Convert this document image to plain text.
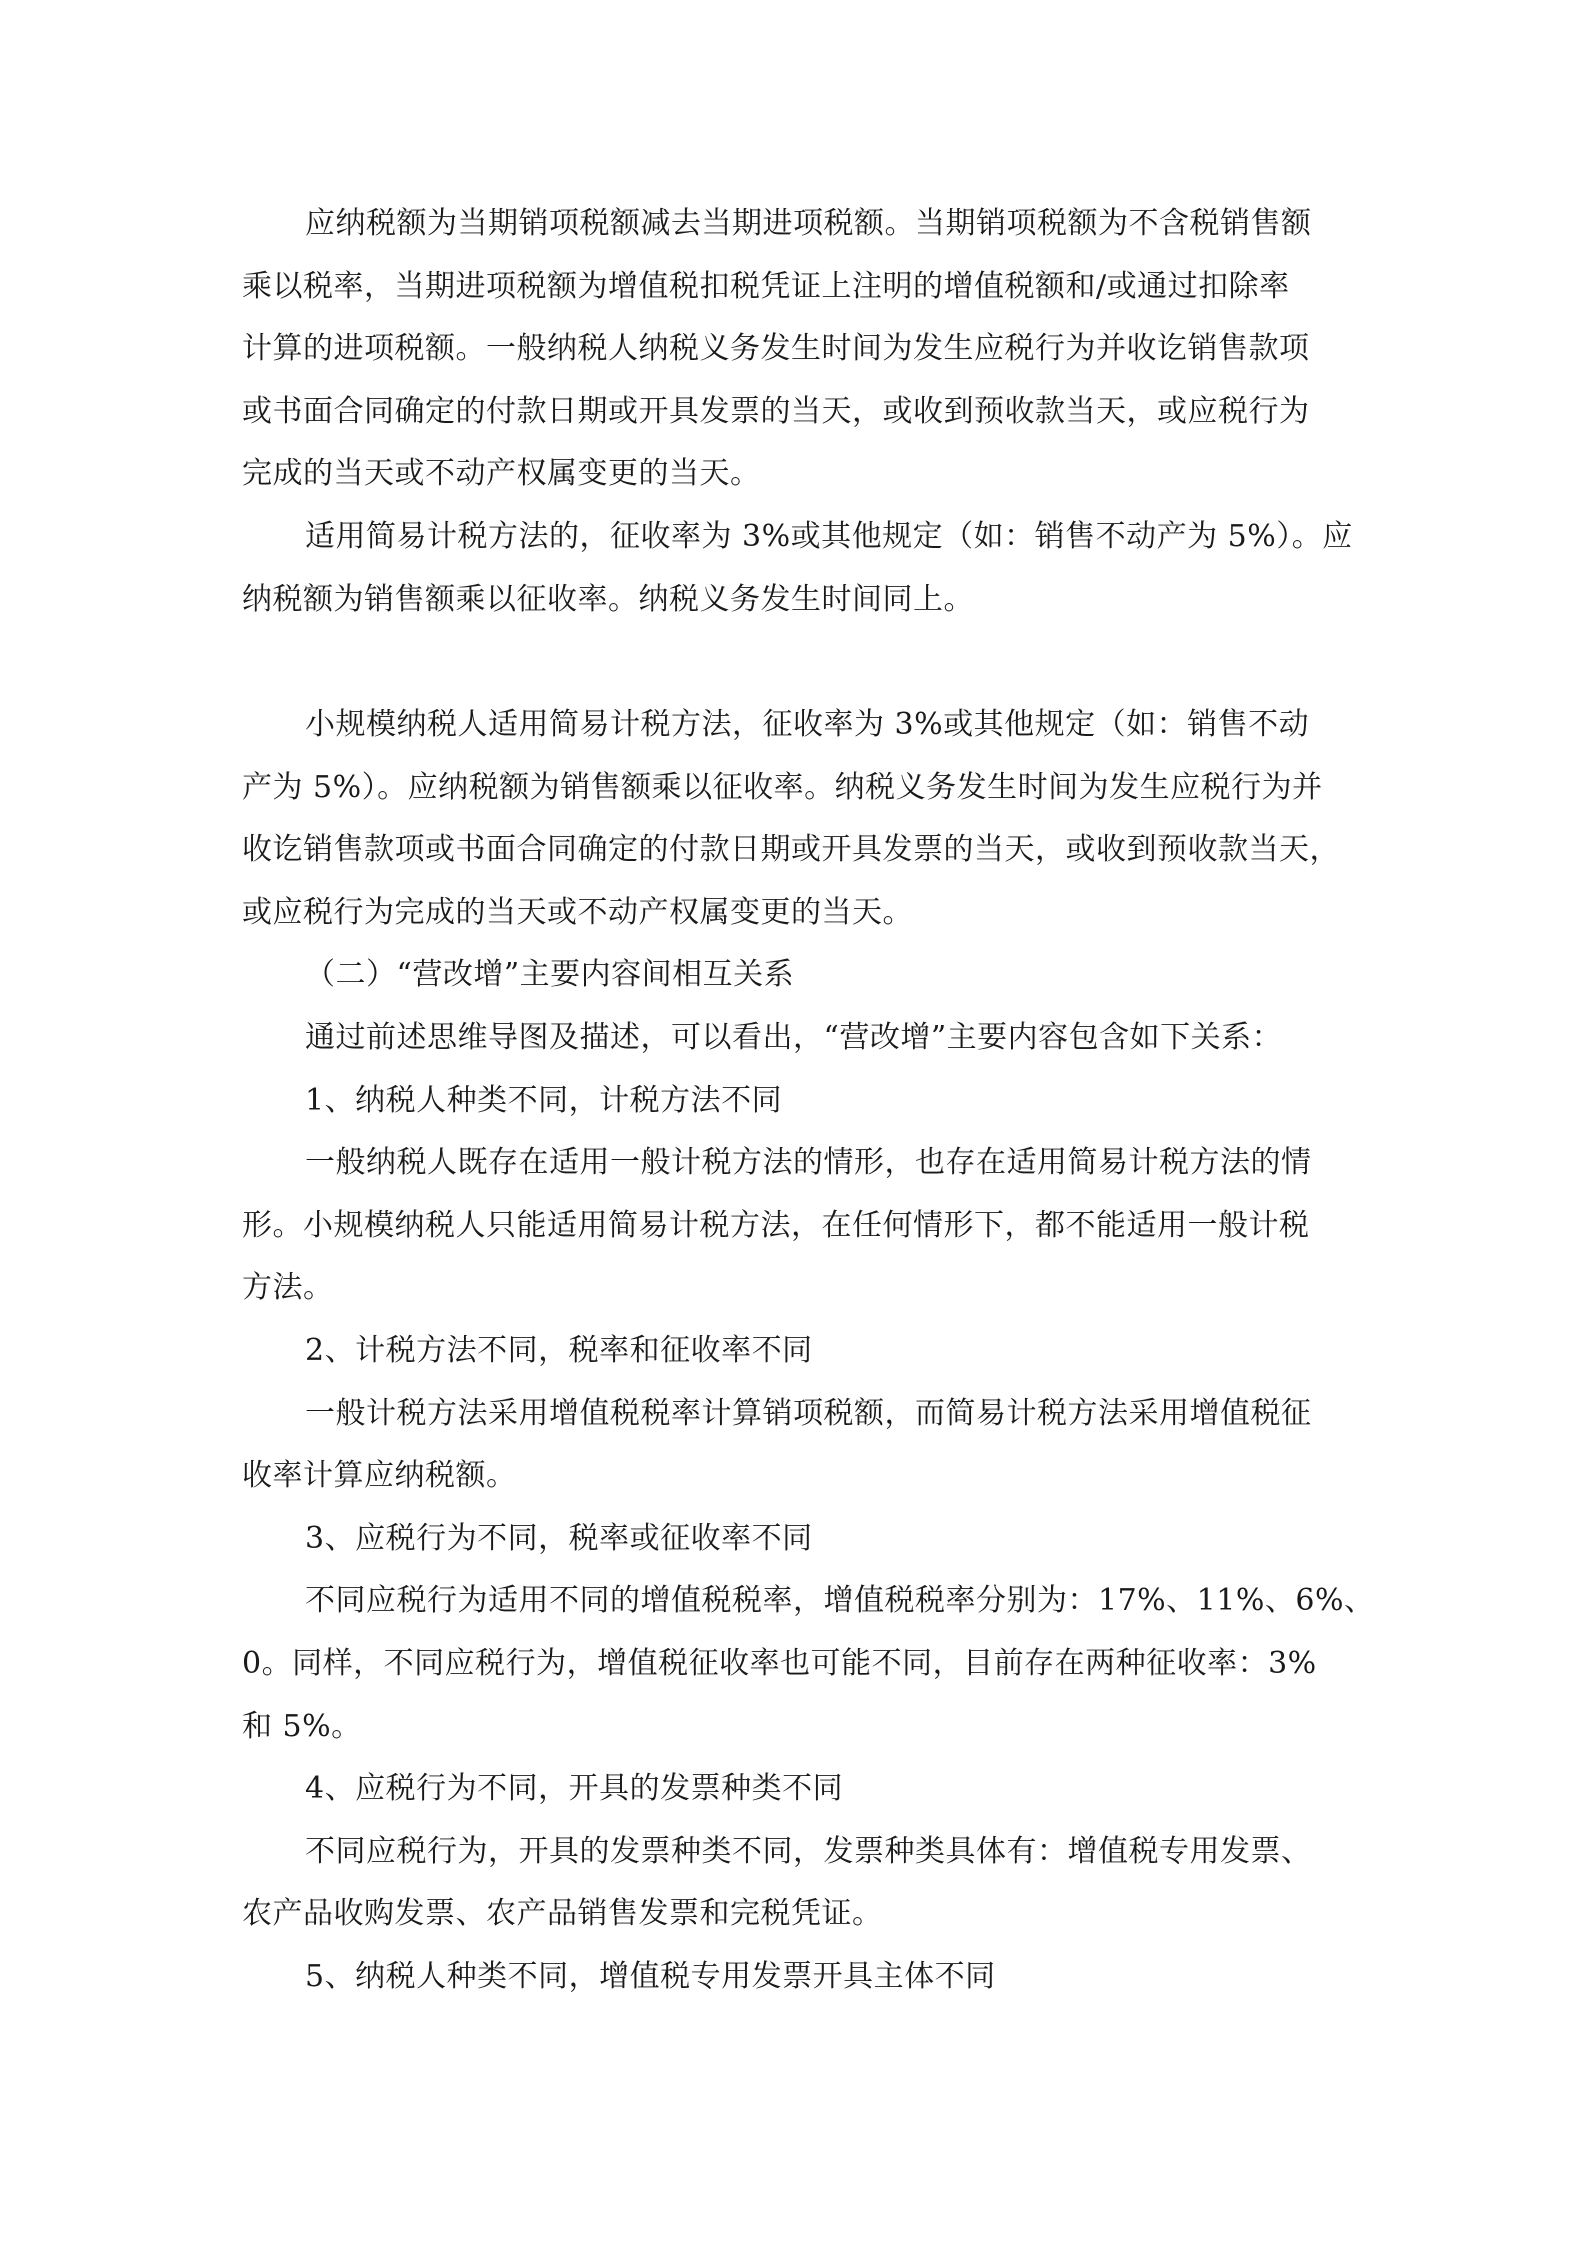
应纳税额为当期销项税额减去当期进项税额。当期销项税额为不含税销售额
乘以税率，当期进项税额为增值税扣税凭证上注明的增值税额和/或通过扣除率
计算的进项税额。一般纳税人纳税义务发生时间为发生应税行为并收讫销售款项
或书面合同确定的付款日期或开具发票的当天，或收到预收款当天，或应税行为
完成的当天或不动产权属变更的当天。
适用简易计税方法的，征收率为 3%或其他规定（如：销售不动产为 5%）。应
纳税额为销售额乘以征收率。纳税义务发生时间同上。
小规模纳税人适用简易计税方法，征收率为 3%或其他规定（如：销售不动
产为 5%）。应纳税额为销售额乘以征收率。纳税义务发生时间为发生应税行为并
收讫销售款项或书面合同确定的付款日期或开具发票的当天，或收到预收款当天，
或应税行为完成的当天或不动产权属变更的当天。
（二）“营改增”主要内容间相互关系
通过前述思维导图及描述，可以看出，“营改增”主要内容包含如下关系：
1、纳税人种类不同，计税方法不同
一般纳税人既存在适用一般计税方法的情形，也存在适用简易计税方法的情
形。小规模纳税人只能适用简易计税方法，在任何情形下，都不能适用一般计税
方法。
2、计税方法不同，税率和征收率不同
一般计税方法采用增值税税率计算销项税额，而简易计税方法采用增值税征
收率计算应纳税额。
3、应税行为不同，税率或征收率不同
不同应税行为适用不同的增值税税率，增值税税率分别为：17%、11%、6%、
0。同样，不同应税行为，增值税征收率也可能不同，目前存在两种征收率：3%
和 5%。
4、应税行为不同，开具的发票种类不同
不同应税行为，开具的发票种类不同，发票种类具体有：增值税专用发票、
农产品收购发票、农产品销售发票和完税凭证。
5、纳税人种类不同，增值税专用发票开具主体不同
